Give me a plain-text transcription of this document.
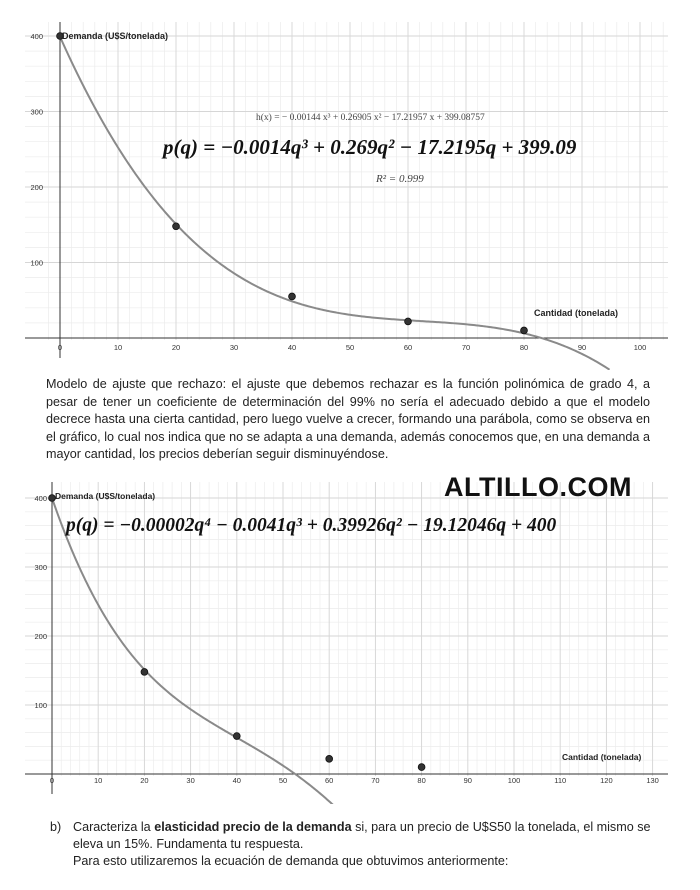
0	10	20	30	40	50	60	70	80	90	100
100
200
300
400 Demanda (U$S/tonelada)
Cantidad (tonelada)
h(x) = − 0.00144 x³ + 0.26905 x² − 17.21957 x + 399.08757
p(q) = −0.0014q³ + 0.269q² − 17.2195q + 399.09
R² = 0.999
Modelo de ajuste que rechazo: el ajuste que debemos rechazar es la función polinómica de grado 4, a pesar de tener un coeficiente de determinación del 99% no sería el adecuado debido a que el modelo decrece hasta una cierta cantidad, pero luego vuelve a crecer, formando una parábola, como se observa en el gráfico, lo cual nos indica que no se adapta a una demanda, además conocemos que, en una demanda a mayor cantidad, los precios deberían seguir disminuyéndose.
0	10	20	30	40	50	60	70	80	90	100	110	120	130
100
200
300
400 Demanda (U$S/tonelada)
Cantidad (tonelada)
ALTILLO.COM
p(q) = −0.00002q⁴ − 0.0041q³ + 0.39926q² − 19.12046q + 400
b) Caracteriza la elasticidad precio de la demanda si, para un precio de U$S50 la tonelada, el mismo se eleva un 15%. Fundamenta tu respuesta.
Para esto utilizaremos la ecuación de demanda que obtuvimos anteriormente:
